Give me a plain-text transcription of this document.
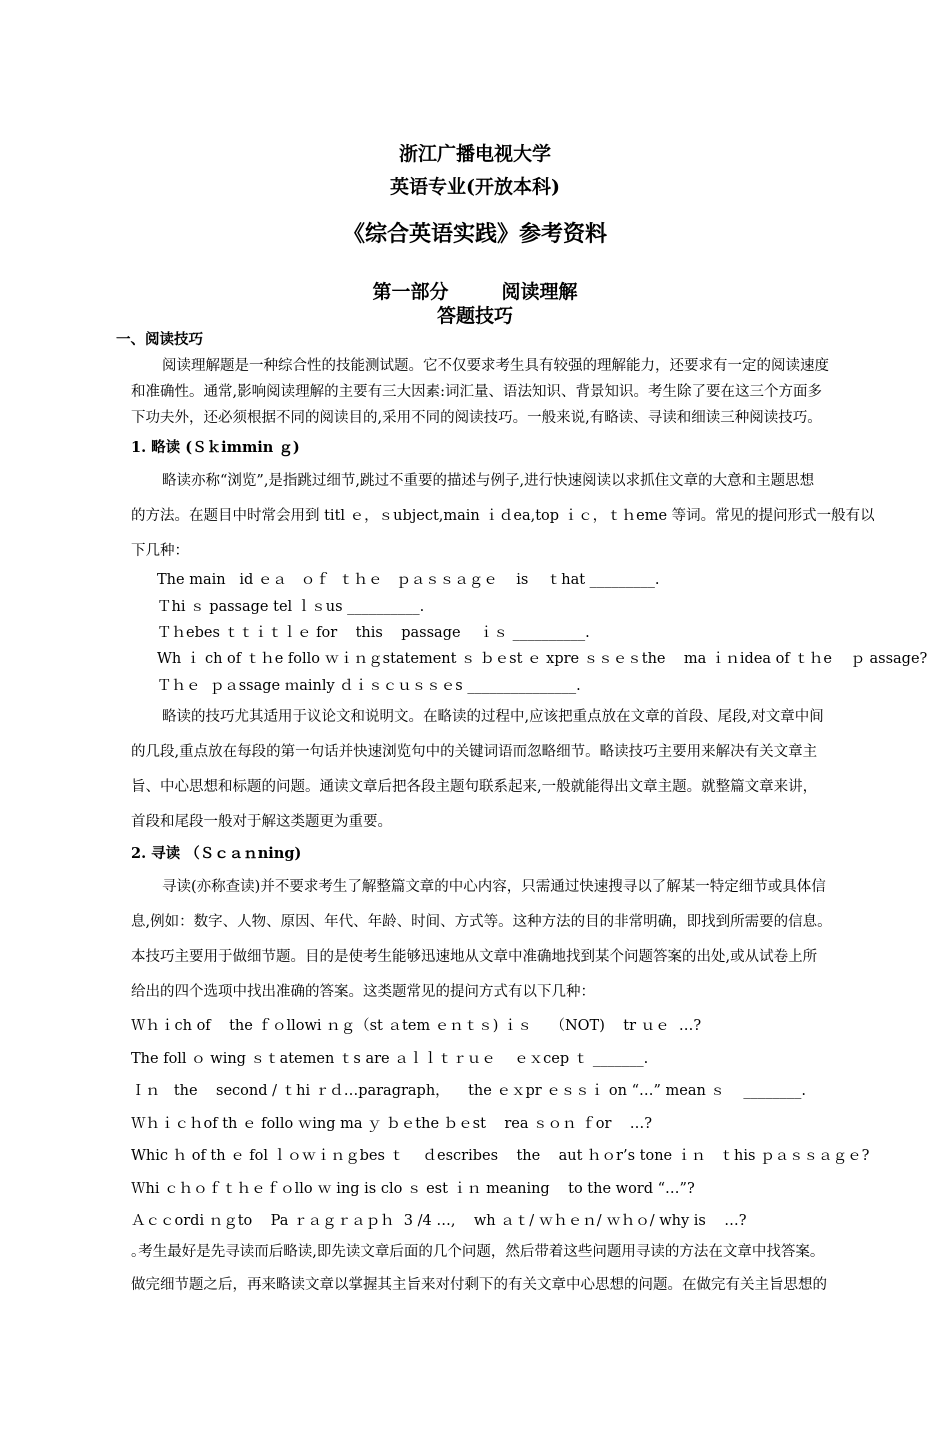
浙江广播电视大学
英语专业(开放本科)
《综合英语实践》参考资料
第一部分        阅读理解
答题技巧
一、阅读技巧
阅读理解题是一种综合性的技能测试题。它不仅要求考生具有较强的理解能力，还要求有一定的阅读速度
和准确性。通常,影响阅读理解的主要有三大因素:词汇量、语法知识、背景知识。考生除了要在这三个方面多
下功夫外，还必须根据不同的阅读目的,采用不同的阅读技巧。一般来说,有略读、寻读和细读三种阅读技巧。
1. 略读 (Ｓｋimmin ｇ)
略读亦称“浏览”,是指跳过细节,跳过不重要的描述与例子,进行快速阅读以求抓住文章的大意和主题思想
的方法。在题目中时常会用到 titl ｅ，ｓubject,main ｉｄea,top ｉｃ，ｔｈeme 等词。常见的提问形式一般有以
下几种：
The main   id ｅａ   ｏｆ  ｔｈｅ   ｐａｓｓａｇｅ    is    ｔhat _________.
Ｔhi ｓ passage tel ｌｓus __________.
Ｔｈebes ｔｔｉｔｌｅ for    this    passage    ｉｓ __________.
Wh ｉ ch of ｔｈe follo ｗｉｎｇstatement ｓ ｂｅst ｅ xpre ｓｓｅｓthe    ma ｉｎidea of ｔｈe    ｐ assage?
Ｔｈｅ  ｐａssage ｍainly ｄｉｓｃｕｓｓｅs _______________.
略读的技巧尤其适用于议论文和说明文。在略读的过程中,应该把重点放在文章的首段、尾段,对文章中间
的几段,重点放在每段的第一句话并快速浏览句中的关键词语而忽略细节。略读技巧主要用来解决有关文章主
旨、中心思想和标题的问题。通读文章后把各段主题句联系起来,一般就能得出文章主题。就整篇文章来讲，
首段和尾段一般对于解这类题更为重要。
2. 寻读 （Ｓｃａｎning)
寻读(亦称查读)并不要求考生了解整篇文章的中心内容，只需通过快速搜寻以了解某一特定细节或具体信
息,例如：数字、人物、原因、年代、年龄、时间、方式等。这种方法的目的非常明确，即找到所需要的信息。
本技巧主要用于做细节题。目的是使考生能够迅速地从文章中准确地找到某个问题答案的出处,或从试卷上所
给出的四个选项中找出准确的答案。这类题常见的提问方式有以下几种：
Ｗｈｉch of    the ｆｏllowi ｎｇ（st ａtem ｅｎｔｓ) ｉｓ    （NOT)    tr ｕｅ  …?
The foll ｏ wing ｓｔatemen ｔs are ａｌｌｔｒｕｅ    ｅｘcep ｔ _______.
Ｉｎ   the    second / ｔhi ｒｄ…paragraph，    the ｅｘpr ｅｓｓｉ on “…” mean ｓ    ________.
Ｗｈｉｃｈof th ｅ follo ｗing ma ｙ ｂｅthe ｂｅst    rea ｓｏｎ ｆor    …?
Whic ｈ of th ｅ fol ｌｏｗｉｎｇbes ｔ    ｄescribes    the    aut ｈｏr’s tone ｉｎ   ｔhis ｐａｓｓａｇｅ?
Ｗhi ｃｈｏｆｔｈｅｆｏllo ｗ ing is clo ｓ est ｉｎ meaning    to the word “…”?
Ａｃｃordi ｎｇto    Pa ｒａｇｒａｐｈ  3 /4 …,    wh ａｔ/ ｗｈｅｎ/ ｗｈｏ/ why is    …?
｡考生最好是先寻读而后略读,即先读文章后面的几个问题，然后带着这些问题用寻读的方法在文章中找答案。
做完细节题之后，再来略读文章以掌握其主旨来对付剩下的有关文章中心思想的问题。在做完有关主旨思想的
